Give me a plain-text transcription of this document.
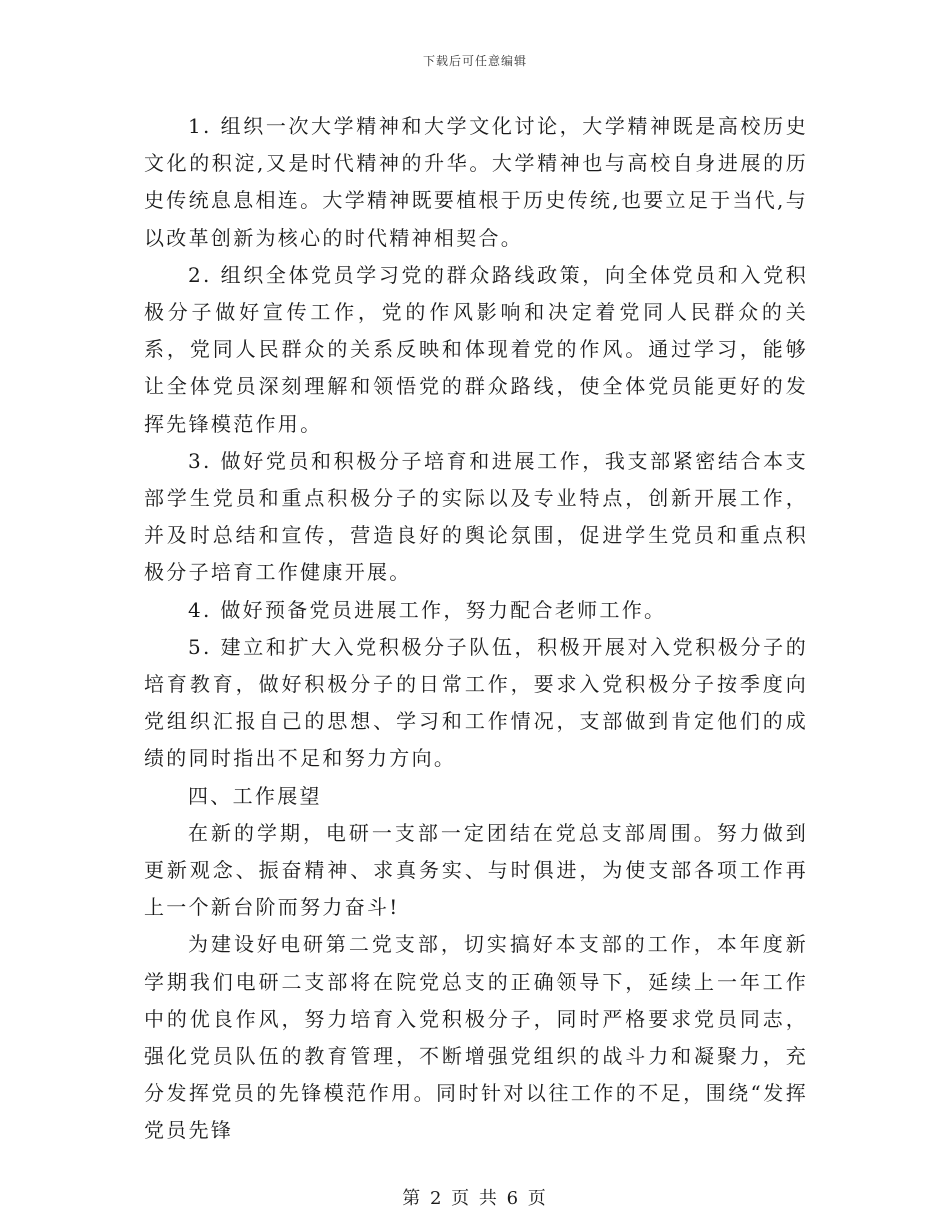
下载后可任意编辑

1. 组织一次大学精神和大学文化讨论，大学精神既是高校历史文化的积淀,又是时代精神的升华。大学精神也与高校自身进展的历史传统息息相连。大学精神既要植根于历史传统,也要立足于当代,与以改革创新为核心的时代精神相契合。

2. 组织全体党员学习党的群众路线政策，向全体党员和入党积极分子做好宣传工作，党的作风影响和决定着党同人民群众的关系，党同人民群众的关系反映和体现着党的作风。通过学习，能够让全体党员深刻理解和领悟党的群众路线，使全体党员能更好的发挥先锋模范作用。

3. 做好党员和积极分子培育和进展工作，我支部紧密结合本支部学生党员和重点积极分子的实际以及专业特点，创新开展工作，并及时总结和宣传，营造良好的舆论氛围，促进学生党员和重点积极分子培育工作健康开展。

4. 做好预备党员进展工作，努力配合老师工作。

5. 建立和扩大入党积极分子队伍，积极开展对入党积极分子的培育教育，做好积极分子的日常工作，要求入党积极分子按季度向党组织汇报自己的思想、学习和工作情况，支部做到肯定他们的成绩的同时指出不足和努力方向。

四、工作展望

在新的学期，电研一支部一定团结在党总支部周围。努力做到更新观念、振奋精神、求真务实、与时俱进，为使支部各项工作再上一个新台阶而努力奋斗!

为建设好电研第二党支部，切实搞好本支部的工作，本年度新学期我们电研二支部将在院党总支的正确领导下，延续上一年工作中的优良作风，努力培育入党积极分子，同时严格要求党员同志，强化党员队伍的教育管理，不断增强党组织的战斗力和凝聚力，充分发挥党员的先锋模范作用。同时针对以往工作的不足，围绕“发挥党员先锋

第 2 页 共 6 页
